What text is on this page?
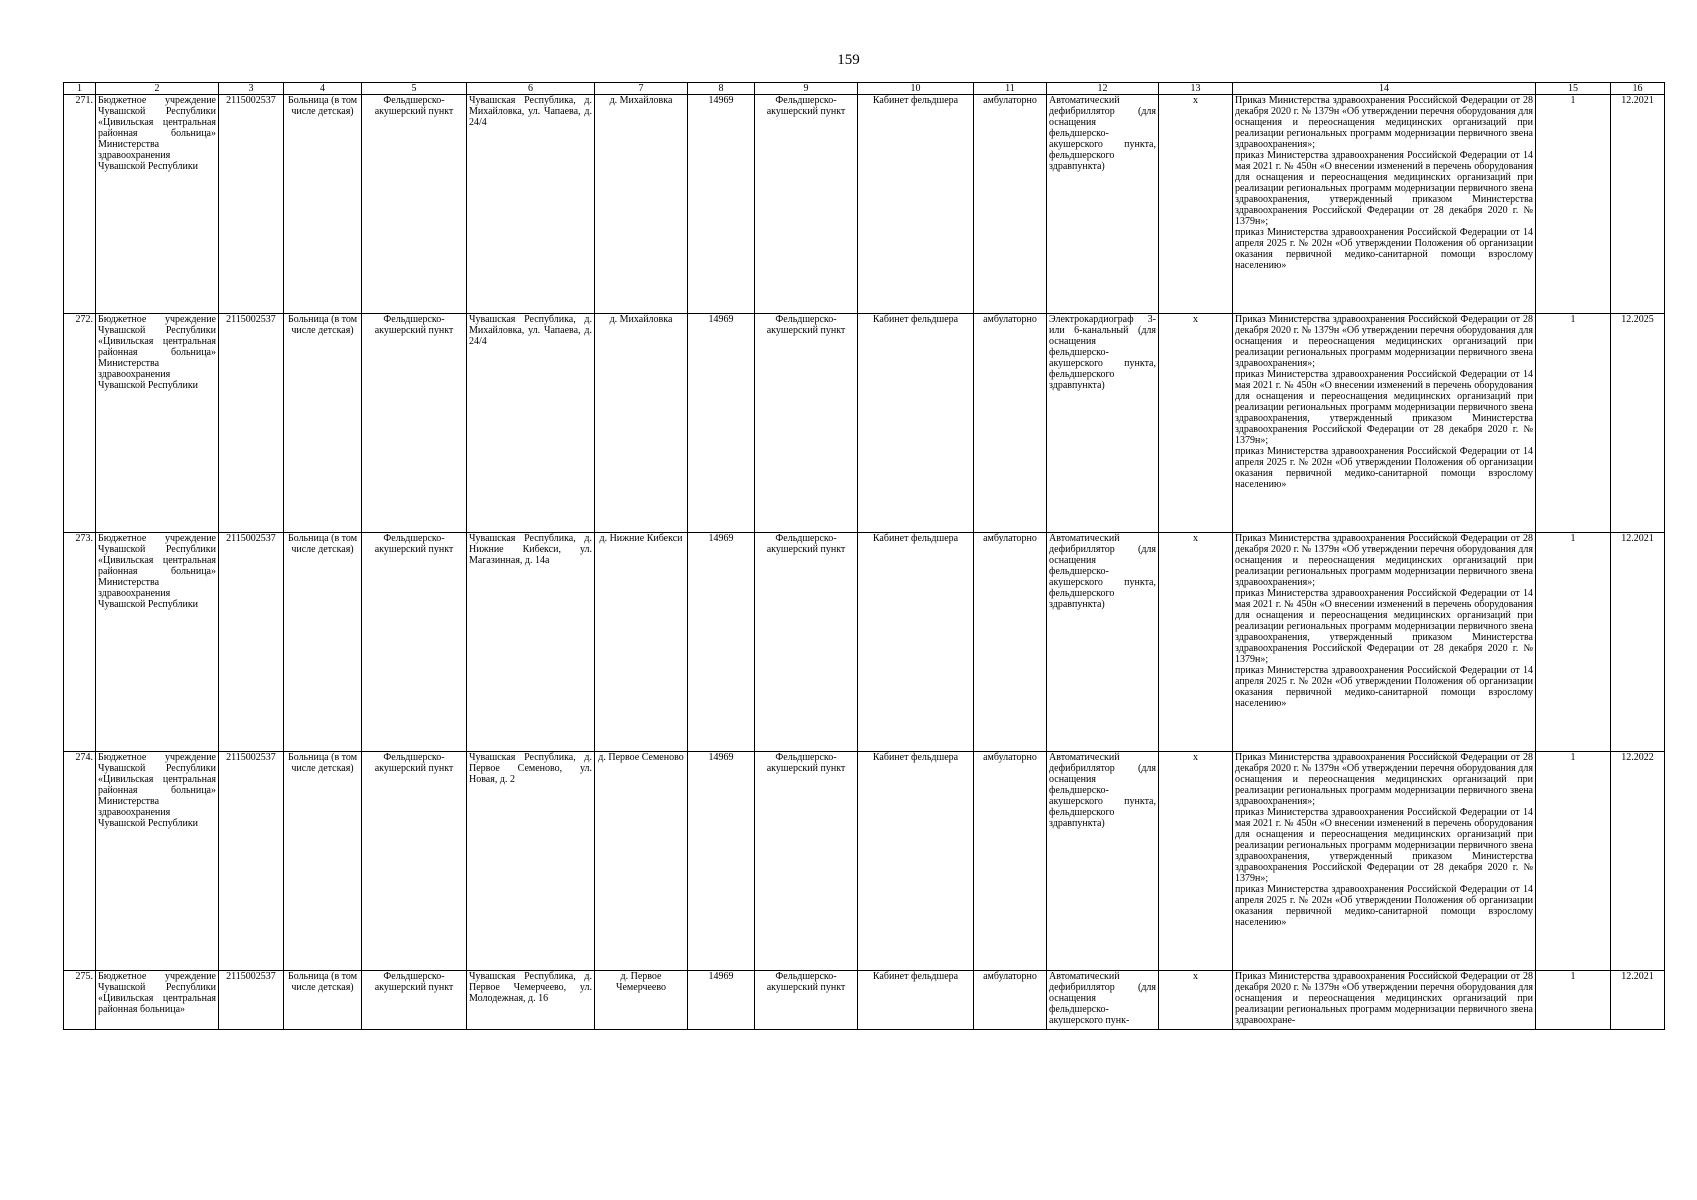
159
1	2	3	4	5	6	7	8	9	10	11	12	13	14	15	16
271.	Бюджетное учреждение Чувашской Республики «Цивильская центральная районная больница» Министерства здравоохранения Чувашской Республики	2115002537	Больница (в том числе детская)	Фельдшерско-акушерский пункт	Чувашская Республика, д. Михайловка, ул. Чапаева, д. 24/4	д. Михайловка	14969	Фельдшерско-акушерский пункт	Кабинет фельдшера	амбулаторно	Автоматический дефибриллятор (для оснащения фельдшерско-акушерского пункта, фельдшерского здравпункта)	x	Приказ Министерства здравоохранения Российской Федерации от 28 декабря 2020 г. № 1379н «Об утверждении перечня оборудования для оснащения и переоснащения медицинских организаций при реализации региональных программ модернизации первичного звена здравоохранения»;
приказ Министерства здравоохранения Российской Федерации от 14 мая 2021 г. № 450н «О внесении изменений в перечень оборудования для оснащения и переоснащения медицинских организаций при реализации региональных программ модернизации первичного звена здравоохранения, утвержденный приказом Министерства здравоохранения Российской Федерации от 28 декабря 2020 г. № 1379н»;
приказ Министерства здравоохранения Российской Федерации от 14 апреля 2025 г. № 202н «Об утверждении Положения об организации оказания первичной медико-санитарной помощи взрослому населению»	1	12.2021
272.	Бюджетное учреждение Чувашской Республики «Цивильская центральная районная больница» Министерства здравоохранения Чувашской Республики	2115002537	Больница (в том числе детская)	Фельдшерско-акушерский пункт	Чувашская Республика, д. Михайловка, ул. Чапаева, д. 24/4	д. Михайловка	14969	Фельдшерско-акушерский пункт	Кабинет фельдшера	амбулаторно	Электрокардиограф 3- или 6-канальный (для оснащения фельдшерско-акушерского пункта, фельдшерского здравпункта)	x	Приказ Министерства здравоохранения Российской Федерации от 28 декабря 2020 г. № 1379н «Об утверждении перечня оборудования для оснащения и переоснащения медицинских организаций при реализации региональных программ модернизации первичного звена здравоохранения»;
приказ Министерства здравоохранения Российской Федерации от 14 мая 2021 г. № 450н «О внесении изменений в перечень оборудования для оснащения и переоснащения медицинских организаций при реализации региональных программ модернизации первичного звена здравоохранения, утвержденный приказом Министерства здравоохранения Российской Федерации от 28 декабря 2020 г. № 1379н»;
приказ Министерства здравоохранения Российской Федерации от 14 апреля 2025 г. № 202н «Об утверждении Положения об организации оказания первичной медико-санитарной помощи взрослому населению»	1	12.2025
273.	Бюджетное учреждение Чувашской Республики «Цивильская центральная районная больница» Министерства здравоохранения Чувашской Республики	2115002537	Больница (в том числе детская)	Фельдшерско-акушерский пункт	Чувашская Республика, д. Нижние Кибекси, ул. Магазинная, д. 14а	д. Нижние Кибекси	14969	Фельдшерско-акушерский пункт	Кабинет фельдшера	амбулаторно	Автоматический дефибриллятор (для оснащения фельдшерско-акушерского пункта, фельдшерского здравпункта)	x	Приказ Министерства здравоохранения Российской Федерации от 28 декабря 2020 г. № 1379н «Об утверждении перечня оборудования для оснащения и переоснащения медицинских организаций при реализации региональных программ модернизации первичного звена здравоохранения»;
приказ Министерства здравоохранения Российской Федерации от 14 мая 2021 г. № 450н «О внесении изменений в перечень оборудования для оснащения и переоснащения медицинских организаций при реализации региональных программ модернизации первичного звена здравоохранения, утвержденный приказом Министерства здравоохранения Российской Федерации от 28 декабря 2020 г. № 1379н»;
приказ Министерства здравоохранения Российской Федерации от 14 апреля 2025 г. № 202н «Об утверждении Положения об организации оказания первичной медико-санитарной помощи взрослому населению»	1	12.2021
274.	Бюджетное учреждение Чувашской Республики «Цивильская центральная районная больница» Министерства здравоохранения Чувашской Республики	2115002537	Больница (в том числе детская)	Фельдшерско-акушерский пункт	Чувашская Республика, д. Первое Семеново, ул. Новая, д. 2	д. Первое Семеново	14969	Фельдшерско-акушерский пункт	Кабинет фельдшера	амбулаторно	Автоматический дефибриллятор (для оснащения фельдшерско-акушерского пункта, фельдшерского здравпункта)	x	Приказ Министерства здравоохранения Российской Федерации от 28 декабря 2020 г. № 1379н «Об утверждении перечня оборудования для оснащения и переоснащения медицинских организаций при реализации региональных программ модернизации первичного звена здравоохранения»;
приказ Министерства здравоохранения Российской Федерации от 14 мая 2021 г. № 450н «О внесении изменений в перечень оборудования для оснащения и переоснащения медицинских организаций при реализации региональных программ модернизации первичного звена здравоохранения, утвержденный приказом Министерства здравоохранения Российской Федерации от 28 декабря 2020 г. № 1379н»;
приказ Министерства здравоохранения Российской Федерации от 14 апреля 2025 г. № 202н «Об утверждении Положения об организации оказания первичной медико-санитарной помощи взрослому населению»	1	12.2022
275.	Бюджетное учреждение Чувашской Республики «Цивильская центральная районная больница»	2115002537	Больница (в том числе детская)	Фельдшерско-акушерский пункт	Чувашская Республика, д. Первое Чемерчеево, ул. Молодежная, д. 16	д. Первое Чемерчеево	14969	Фельдшерско-акушерский пункт	Кабинет фельдшера	амбулаторно	Автоматический дефибриллятор (для оснащения фельдшерско-акушерского пунк-	x	Приказ Министерства здравоохранения Российской Федерации от 28 декабря 2020 г. № 1379н «Об утверждении перечня оборудования для оснащения и переоснащения медицинских организаций при реализации региональных программ модернизации первичного звена здравоохране-	1	12.2021
